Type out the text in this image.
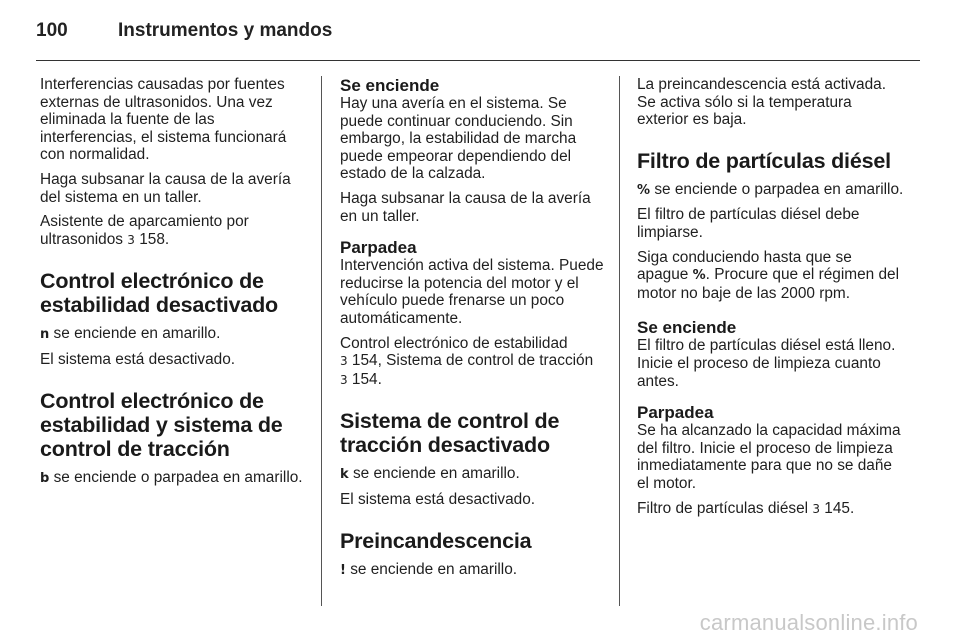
100	Instrumentos y mandos

Interferencias causadas por fuentes externas de ultrasonidos. Una vez eliminada la fuente de las interferencias, el sistema funcionará con normalidad.

Haga subsanar la causa de la avería del sistema en un taller.

Asistente de aparcamiento por ultrasonidos 3 158.

Control electrónico de estabilidad desactivado

n se enciende en amarillo.

El sistema está desactivado.

Control electrónico de estabilidad y sistema de control de tracción

b se enciende o parpadea en amarillo.

Se enciende

Hay una avería en el sistema. Se puede continuar conduciendo. Sin embargo, la estabilidad de marcha puede empeorar dependiendo del estado de la calzada.

Haga subsanar la causa de la avería en un taller.

Parpadea

Intervención activa del sistema. Puede reducirse la potencia del motor y el vehículo puede frenarse un poco automáticamente.

Control electrónico de estabilidad
3 154, Sistema de control de tracción
3 154.

Sistema de control de tracción desactivado

k se enciende en amarillo.

El sistema está desactivado.

Preincandescencia

! se enciende en amarillo.

La preincandescencia está activada. Se activa sólo si la temperatura exterior es baja.

Filtro de partículas diésel

% se enciende o parpadea en amarillo.

El filtro de partículas diésel debe limpiarse.

Siga conduciendo hasta que se apague %. Procure que el régimen del motor no baje de las 2000 rpm.

Se enciende

El filtro de partículas diésel está lleno. Inicie el proceso de limpieza cuanto antes.

Parpadea

Se ha alcanzado la capacidad máxima del filtro. Inicie el proceso de limpieza inmediatamente para que no se dañe el motor.

Filtro de partículas diésel 3 145.

carmanualsonline.info
